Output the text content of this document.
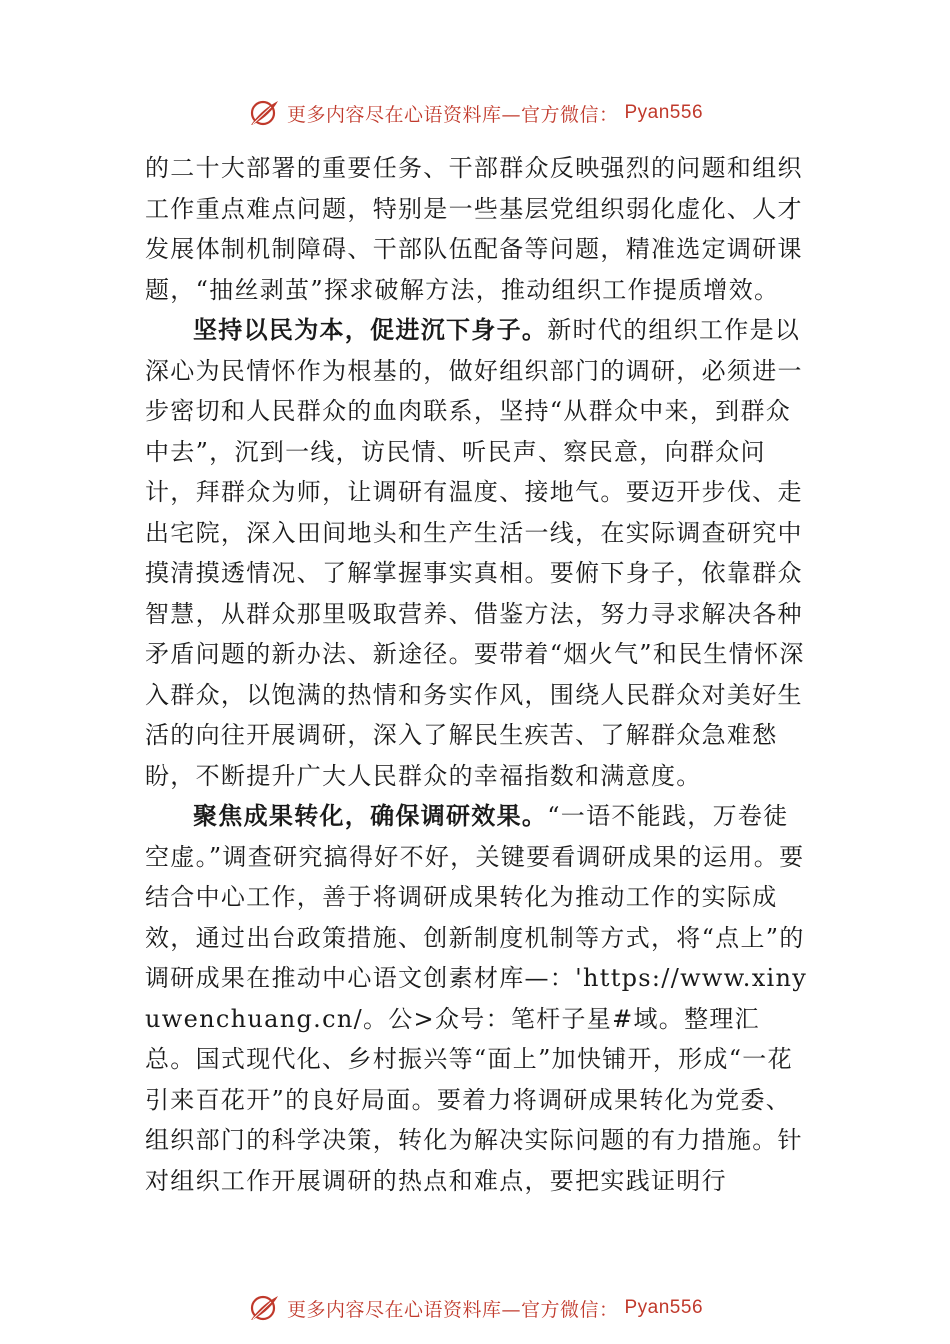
更多内容尽在心语资料库—官方微信： Pyan556

的二十大部署的重要任务、干部群众反映强烈的问题和组织工作重点难点问题，特别是一些基层党组织弱化虚化、人才发展体制机制障碍、干部队伍配备等问题，精准选定调研课题，“抽丝剥茧”探求破解方法，推动组织工作提质增效。

坚持以民为本，促进沉下身子。新时代的组织工作是以深心为民情怀作为根基的，做好组织部门的调研，必须进一步密切和人民群众的血肉联系，坚持“从群众中来，到群众中去”，沉到一线，访民情、听民声、察民意，向群众问计，拜群众为师，让调研有温度、接地气。要迈开步伐、走出宅院，深入田间地头和生产生活一线，在实际调查研究中摸清摸透情况、了解掌握事实真相。要俯下身子，依靠群众智慧，从群众那里吸取营养、借鉴方法，努力寻求解决各种矛盾问题的新办法、新途径。要带着“烟火气”和民生情怀深入群众，以饱满的热情和务实作风，围绕人民群众对美好生活的向往开展调研，深入了解民生疾苦、了解群众急难愁盼，不断提升广大人民群众的幸福指数和满意度。

聚焦成果转化，确保调研效果。“一语不能践，万卷徒空虚。”调查研究搞得好不好，关键要看调研成果的运用。要结合中心工作，善于将调研成果转化为推动工作的实际成效，通过出台政策措施、创新制度机制等方式，将“点上”的调研成果在推动中心语文创素材库—：'https://www.xinyuwenchuang.cn/。公>众号：笔杆子星#域。整理汇总。国式现代化、乡村振兴等“面上”加快铺开，形成“一花引来百花开”的良好局面。要着力将调研成果转化为党委、组织部门的科学决策，转化为解决实际问题的有力措施。针对组织工作开展调研的热点和难点，要把实践证明行

更多内容尽在心语资料库—官方微信： Pyan556
